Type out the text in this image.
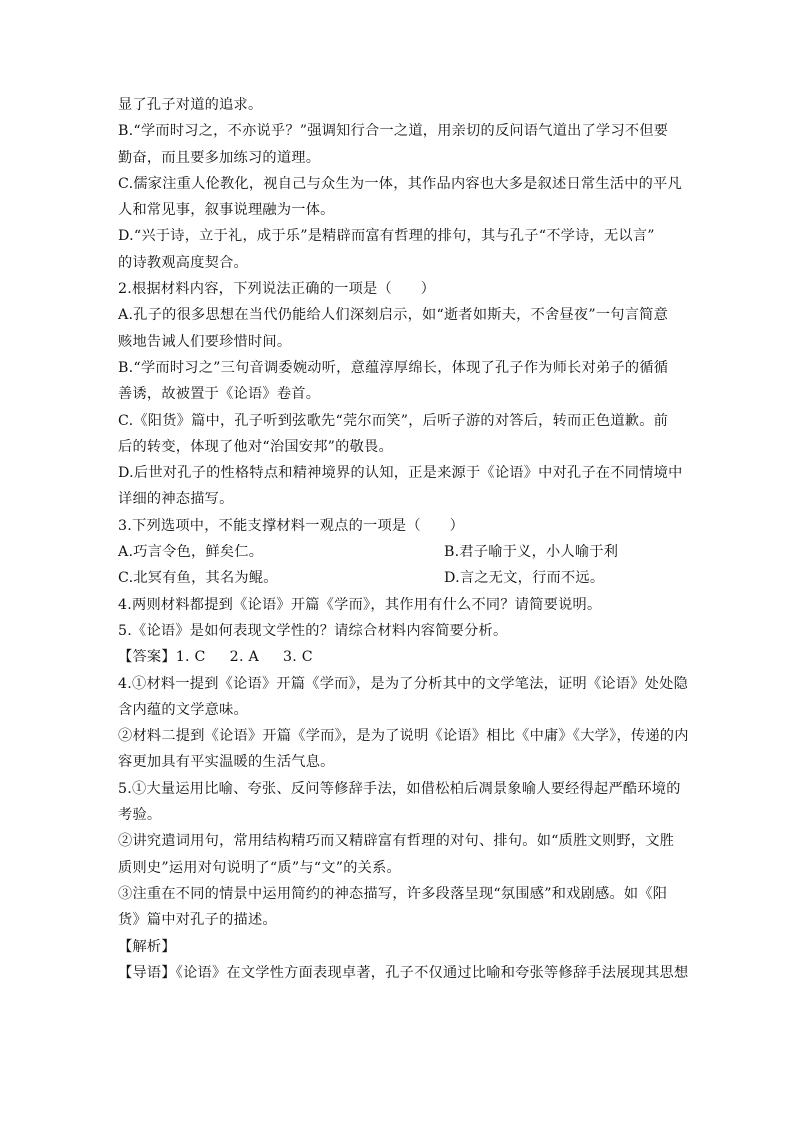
显了孔子对道的追求。
B.“学而时习之，不亦说乎？”强调知行合一之道，用亲切的反问语气道出了学习不但要
勤奋，而且要多加练习的道理。
C.儒家注重人伦教化，视自己与众生为一体，其作品内容也大多是叙述日常生活中的平凡
人和常见事，叙事说理融为一体。
D.“兴于诗，立于礼，成于乐”是精辟而富有哲理的排句，其与孔子“不学诗，无以言”
的诗教观高度契合。
2.根据材料内容，下列说法正确的一项是（　　）
A.孔子的很多思想在当代仍能给人们深刻启示，如“逝者如斯夫，不舍昼夜”一句言简意
赅地告诫人们要珍惜时间。
B.“学而时习之”三句音调委婉动听，意蕴淳厚绵长，体现了孔子作为师长对弟子的循循
善诱，故被置于《论语》卷首。
C.《阳货》篇中，孔子听到弦歌先“莞尔而笑”，后听子游的对答后，转而正色道歉。前
后的转变，体现了他对“治国安邦”的敬畏。
D.后世对孔子的性格特点和精神境界的认知，正是来源于《论语》中对孔子在不同情境中
详细的神态描写。
3.下列选项中，不能支撑材料一观点的一项是（　　）
A.巧言令色，鲜矣仁。	B.君子喻于义，小人喻于利
C.北冥有鱼，其名为鲲。	D.言之无文，行而不远。
4.两则材料都提到《论语》开篇《学而》，其作用有什么不同？请简要说明。
5.《论语》是如何表现文学性的？请综合材料内容简要分析。
【答案】1. C 2. A 3. C
4.①材料一提到《论语》开篇《学而》，是为了分析其中的文学笔法，证明《论语》处处隐
含内蕴的文学意味。
②材料二提到《论语》开篇《学而》，是为了说明《论语》相比《中庸》《大学》，传递的内
容更加具有平实温暖的生活气息。
5.①大量运用比喻、夸张、反问等修辞手法，如借松柏后凋景象喻人要经得起严酷环境的
考验。
②讲究遣词用句，常用结构精巧而又精辟富有哲理的对句、排句。如“质胜文则野，文胜
质则史”运用对句说明了“质”与“文”的关系。
③注重在不同的情景中运用简约的神态描写，许多段落呈现“氛围感”和戏剧感。如《阳
货》篇中对孔子的描述。
【解析】
【导语】《论语》在文学性方面表现卓著，孔子不仅通过比喻和夸张等修辞手法展现其思想
